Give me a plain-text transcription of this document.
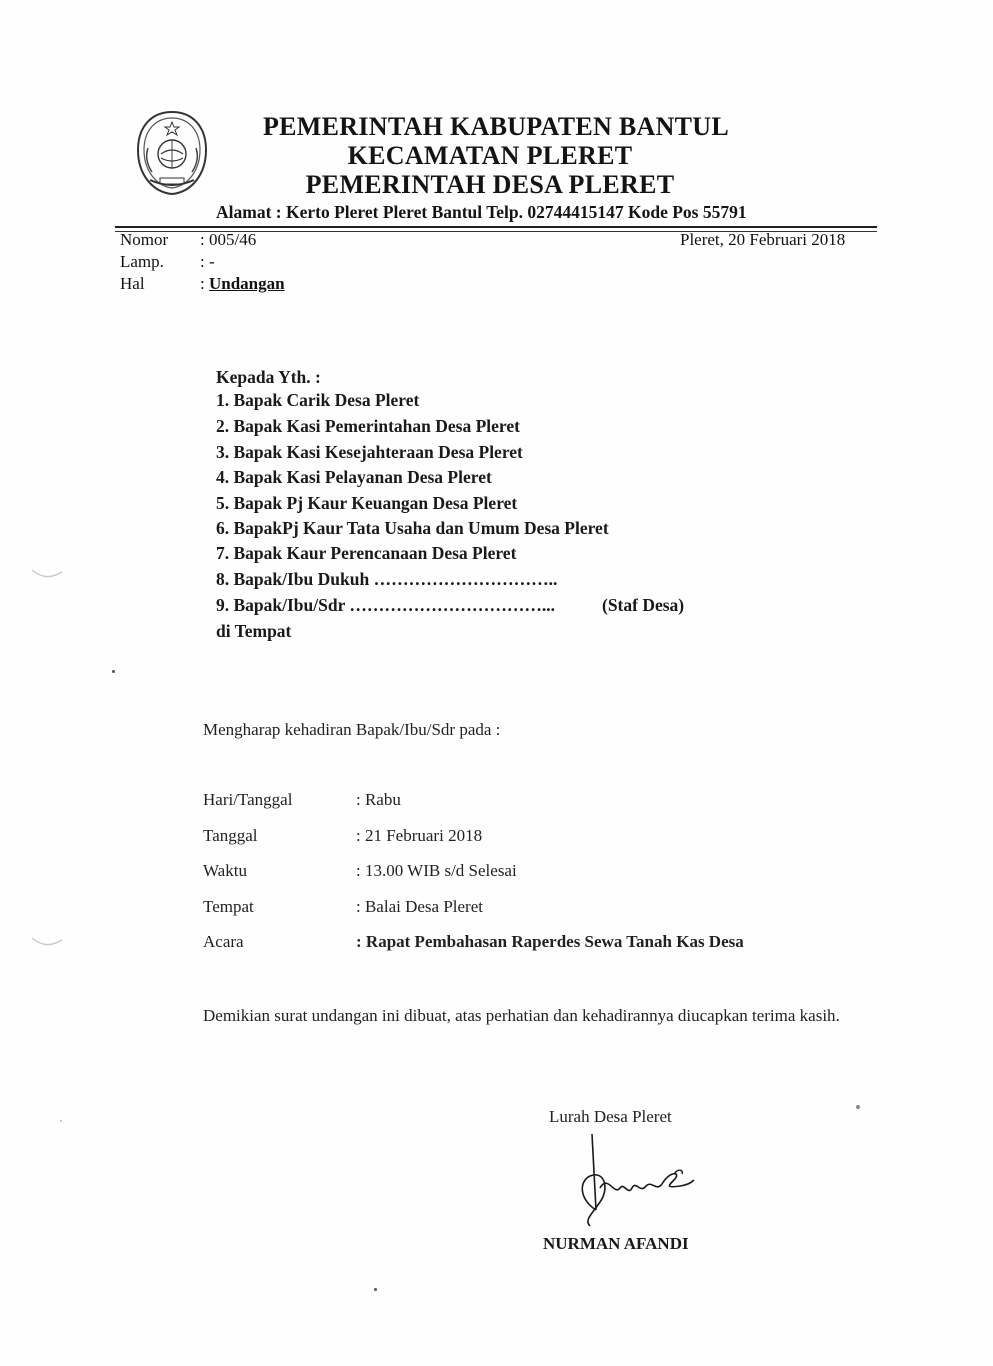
PEMERINTAH KABUPATEN BANTUL
KECAMATAN PLERET
PEMERINTAH DESA PLERET
Alamat : Kerto Pleret Pleret Bantul Telp. 02744415147 Kode Pos 55791
Nomor : 005/46	Pleret, 20 Februari 2018
Lamp. : -
Hal	: Undangan
Kepada Yth. :
1. Bapak Carik Desa Pleret
2. Bapak Kasi Pemerintahan Desa Pleret
3. Bapak Kasi Kesejahteraan Desa Pleret
4. Bapak Kasi Pelayanan Desa Pleret
5. Bapak Pj Kaur Keuangan Desa Pleret
6. BapakPj Kaur Tata Usaha dan Umum Desa Pleret
7. Bapak Kaur Perencanaan Desa Pleret
8. Bapak/Ibu Dukuh …………………………..
9. Bapak/Ibu/Sdr ……………………………...	(Staf Desa)
di Tempat
Mengharap kehadiran Bapak/Ibu/Sdr pada :
Hari/Tanggal	: Rabu
Tanggal	: 21 Februari 2018
Waktu	: 13.00 WIB s/d Selesai
Tempat	: Balai Desa Pleret
Acara	: Rapat Pembahasan Raperdes Sewa Tanah Kas Desa
Demikian surat undangan ini dibuat, atas perhatian dan kehadirannya diucapkan terima kasih.
Lurah Desa Pleret
NURMAN AFANDI
